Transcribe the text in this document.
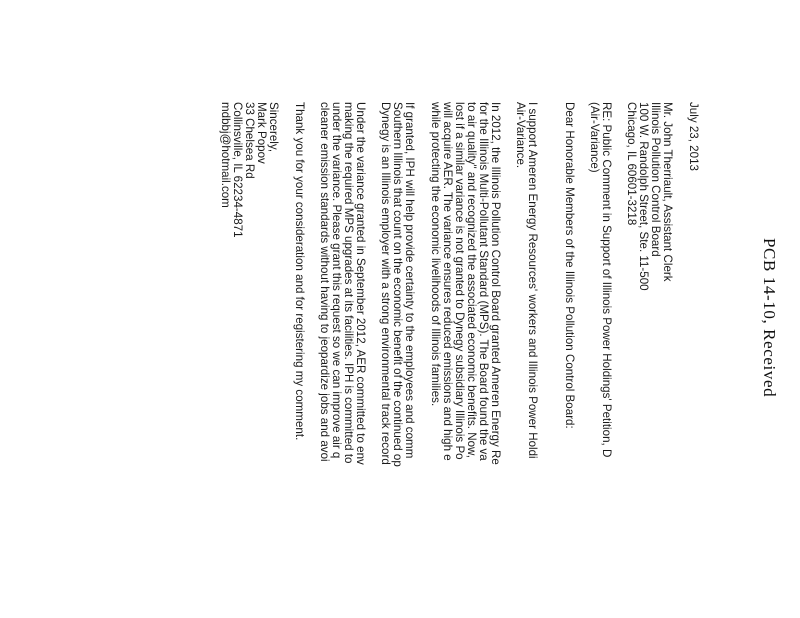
PCB 14-10, Received
July 23, 2013
Mr. John Therriault, Assistant Clerk
Illinois Pollution Control Board
100 W. Randolph Street, Ste. 11-500
Chicago, IL 60601-3218
RE: Public Comment in Support of Illinois Power Holdings' Petition, D
(Air-Variance)
Dear Honorable Members of the Illinois Pollution Control Board:
I support Ameren Energy Resources' workers and Illinois Power Holdi
Air-Variance.
In 2012, the Illinois Pollution Control Board granted Ameren Energy Re
for the Illinois Multi-Pollutant Standard (MPS). The Board found the va
to air quality" and recognized the associated economic benefits. Now,
lost if a similar variance is not granted to Dynegy subsidiary Illinois Po
will acquire AER. The variance ensures reduced emissions and high e
while protecting the economic livelihoods of Illinois families.
If granted, IPH will help provide certainty to the employees and comm
Southern Illinois that count on the economic benefit of the continued op
Dynegy is an Illinois employer with a strong environmental track record
Under the variance granted in September 2012, AER committed to env
making the required MPS upgrades at its facilities. IPH is committed to
under the variance. Please grant this request so we can improve air q
cleaner emission standards without having to jeopardize jobs and avoi
Thank you for your consideration and for registering my comment.
Sincerely,
Mark Popov
33 Chelsea Rd
Collinsville, IL 62234-4871
mdbbj@hotmail.com
